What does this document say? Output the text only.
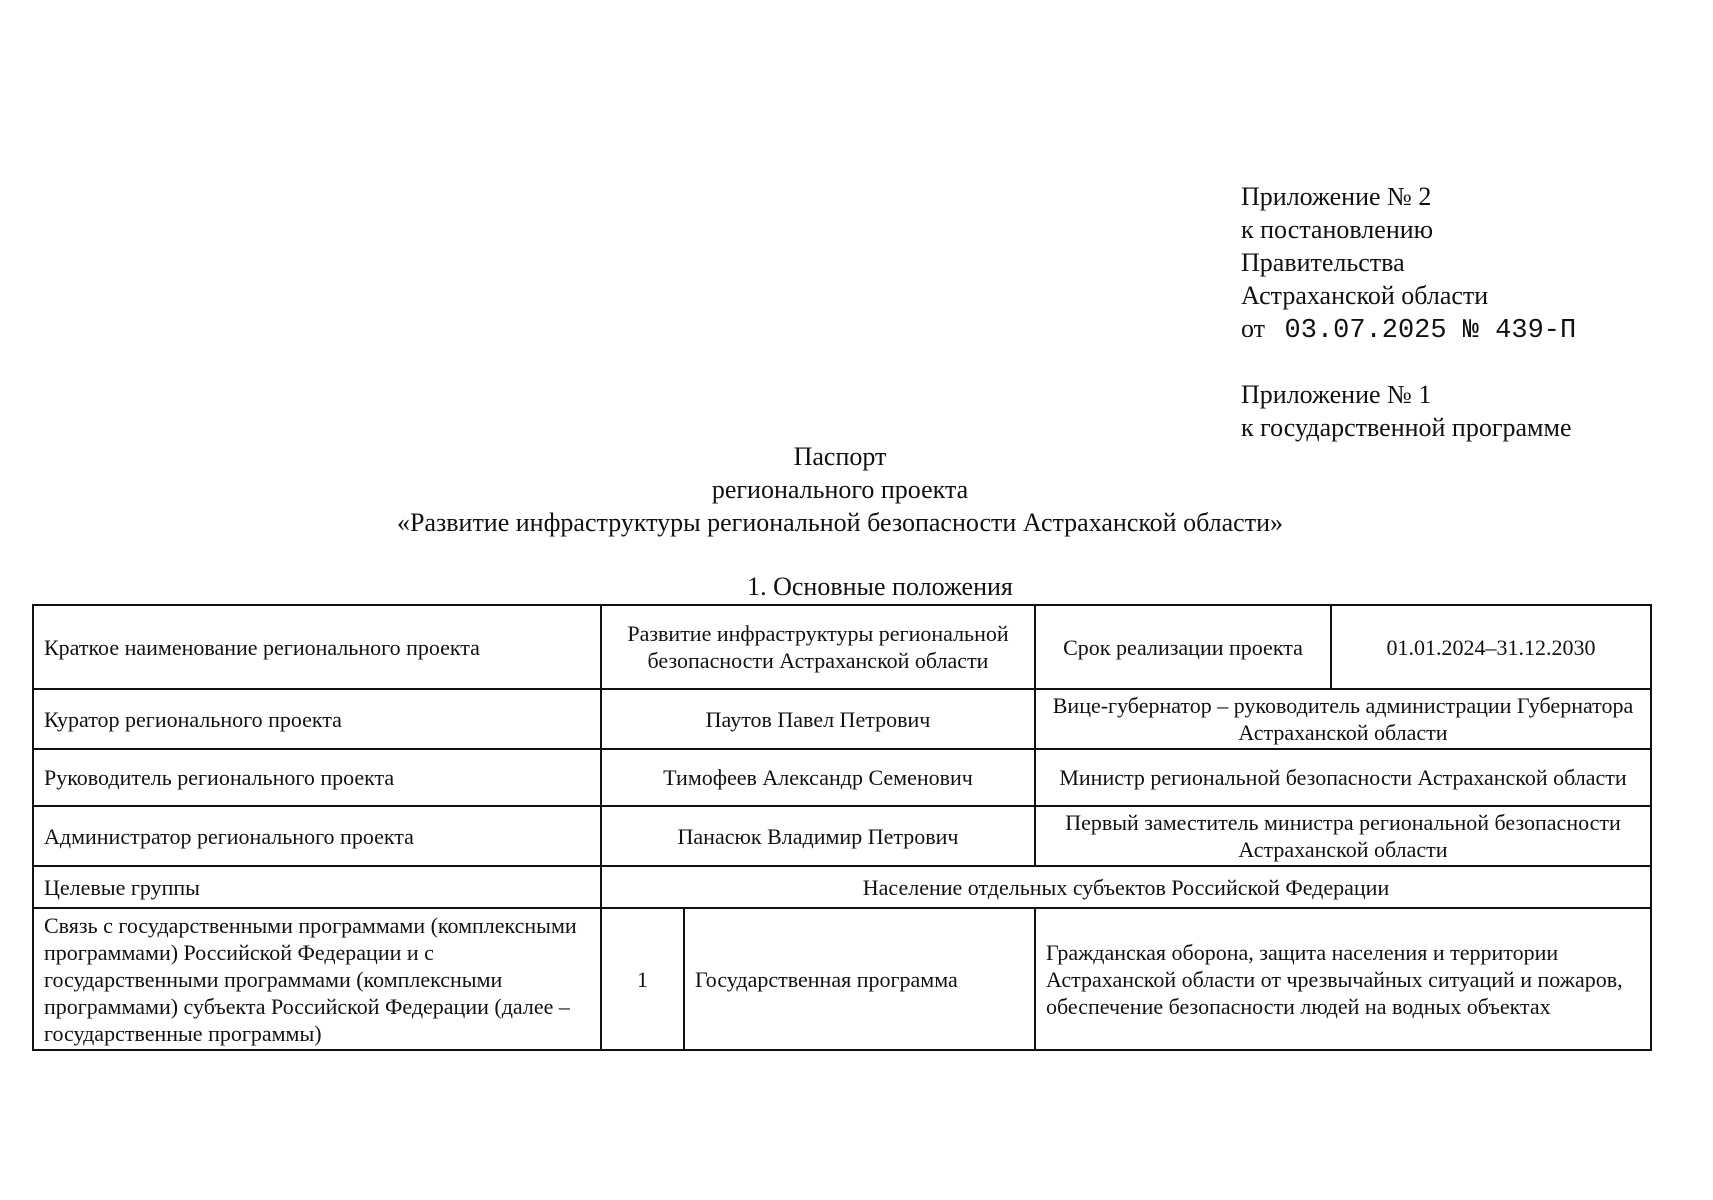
Приложение № 2
к постановлению
Правительства
Астраханской области
от 03.07.2025 № 439-П
Приложение № 1
к государственной программе
Паспорт
регионального проекта
«Развитие инфраструктуры региональной безопасности Астраханской области»
1. Основные положения
Краткое наименование регионального проекта	Развитие инфраструктуры региональной безопасности Астраханской области		Срок реализации проекта	01.01.2024–31.12.2030
Куратор регионального проекта	Паутов Павел Петрович		Вице-губернатор – руководитель администрации Губернатора Астраханской области	
Руководитель регионального проекта	Тимофеев Александр Семенович		Министр региональной безопасности Астраханской области	
Администратор регионального проекта	Панасюк Владимир Петрович		Первый заместитель министра региональной безопасности Астраханской области	
Целевые группы	Население отдельных субъектов Российской Федерации			
Связь с государственными программами (комплексными программами) Российской Федерации и с государственными программами (комплексными программами) субъекта Российской Федерации (далее – государственные программы)	1	Государственная программа	Гражданская оборона, защита населения и территории Астраханской области от чрезвычайных ситуаций и пожаров, обеспечение безопасности людей на водных объектах	
